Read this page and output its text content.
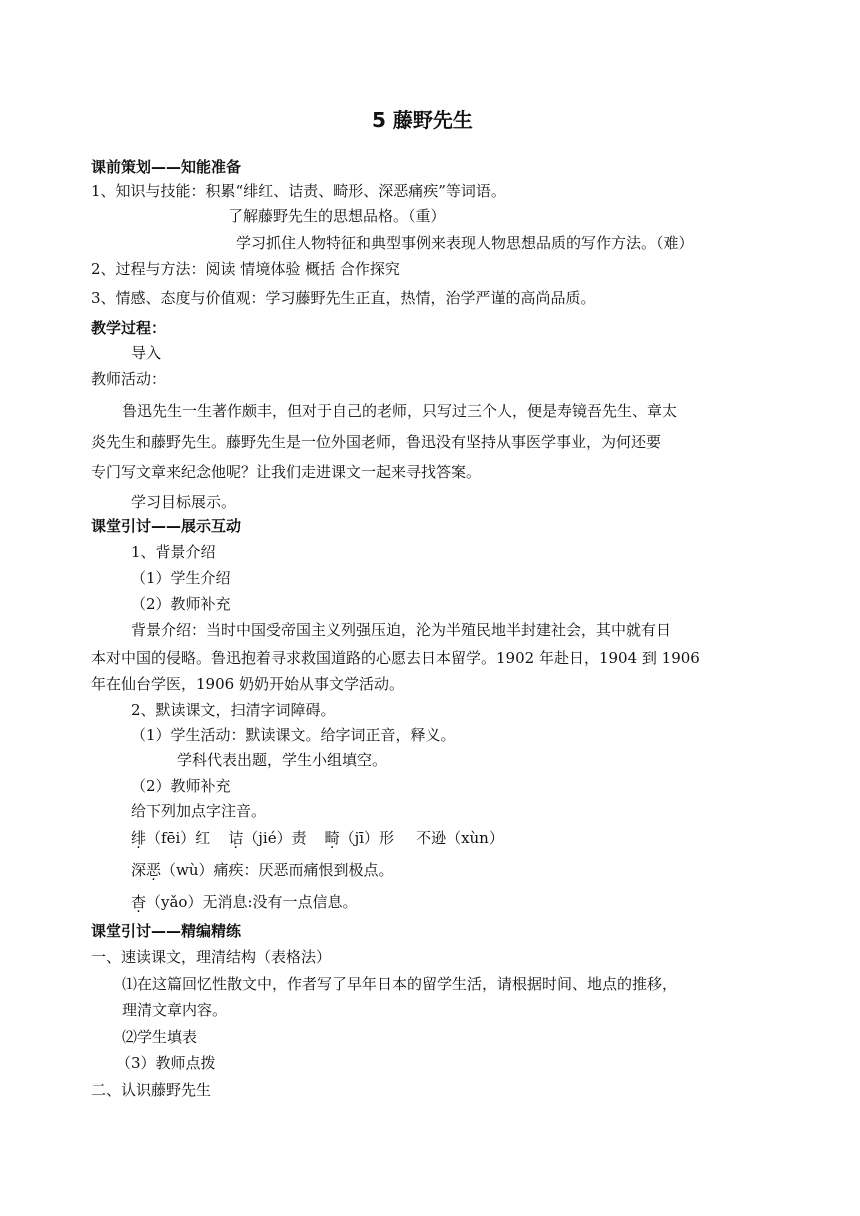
5 藤野先生
课前策划——知能准备
1、知识与技能：积累“绯红、诘责、畸形、深恶痛疾”等词语。
了解藤野先生的思想品格。（重）
学习抓住人物特征和典型事例来表现人物思想品质的写作方法。（难）
2、过程与方法：阅读 情境体验 概括 合作探究
3、情感、态度与价值观：学习藤野先生正直，热情，治学严谨的高尚品质。
教学过程：
导入
教师活动：
鲁迅先生一生著作颇丰，但对于自己的老师，只写过三个人，便是寿镜吾先生、章太
炎先生和藤野先生。藤野先生是一位外国老师，鲁迅没有坚持从事医学事业，为何还要
专门写文章来纪念他呢？让我们走进课文一起来寻找答案。
学习目标展示。
课堂引讨——展示互动
1、背景介绍
（1）学生介绍
（2）教师补充
背景介绍：当时中国受帝国主义列强压迫，沦为半殖民地半封建社会，其中就有日
本对中国的侵略。鲁迅抱着寻求救国道路的心愿去日本留学。1902 年赴日，1904 到 1906
年在仙台学医，1906 奶奶开始从事文学活动。
2、默读课文，扫清字词障碍。
（1）学生活动：默读课文。给字词正音，释义。
学科代表出题，学生小组填空。
（2）教师补充
给下列加点字注音。
绯（fēi）红 诘（jié）责 畸（jī）形 不逊（xùn）
深恶（wù）痛疾：厌恶而痛恨到极点。
杳（yǎo）无消息:没有一点信息。
课堂引讨——精编精练
一、速读课文，理清结构（表格法）
⑴在这篇回忆性散文中，作者写了早年日本的留学生活，请根据时间、地点的推移，
理清文章内容。
⑵学生填表
（3）教师点拨
二、认识藤野先生
